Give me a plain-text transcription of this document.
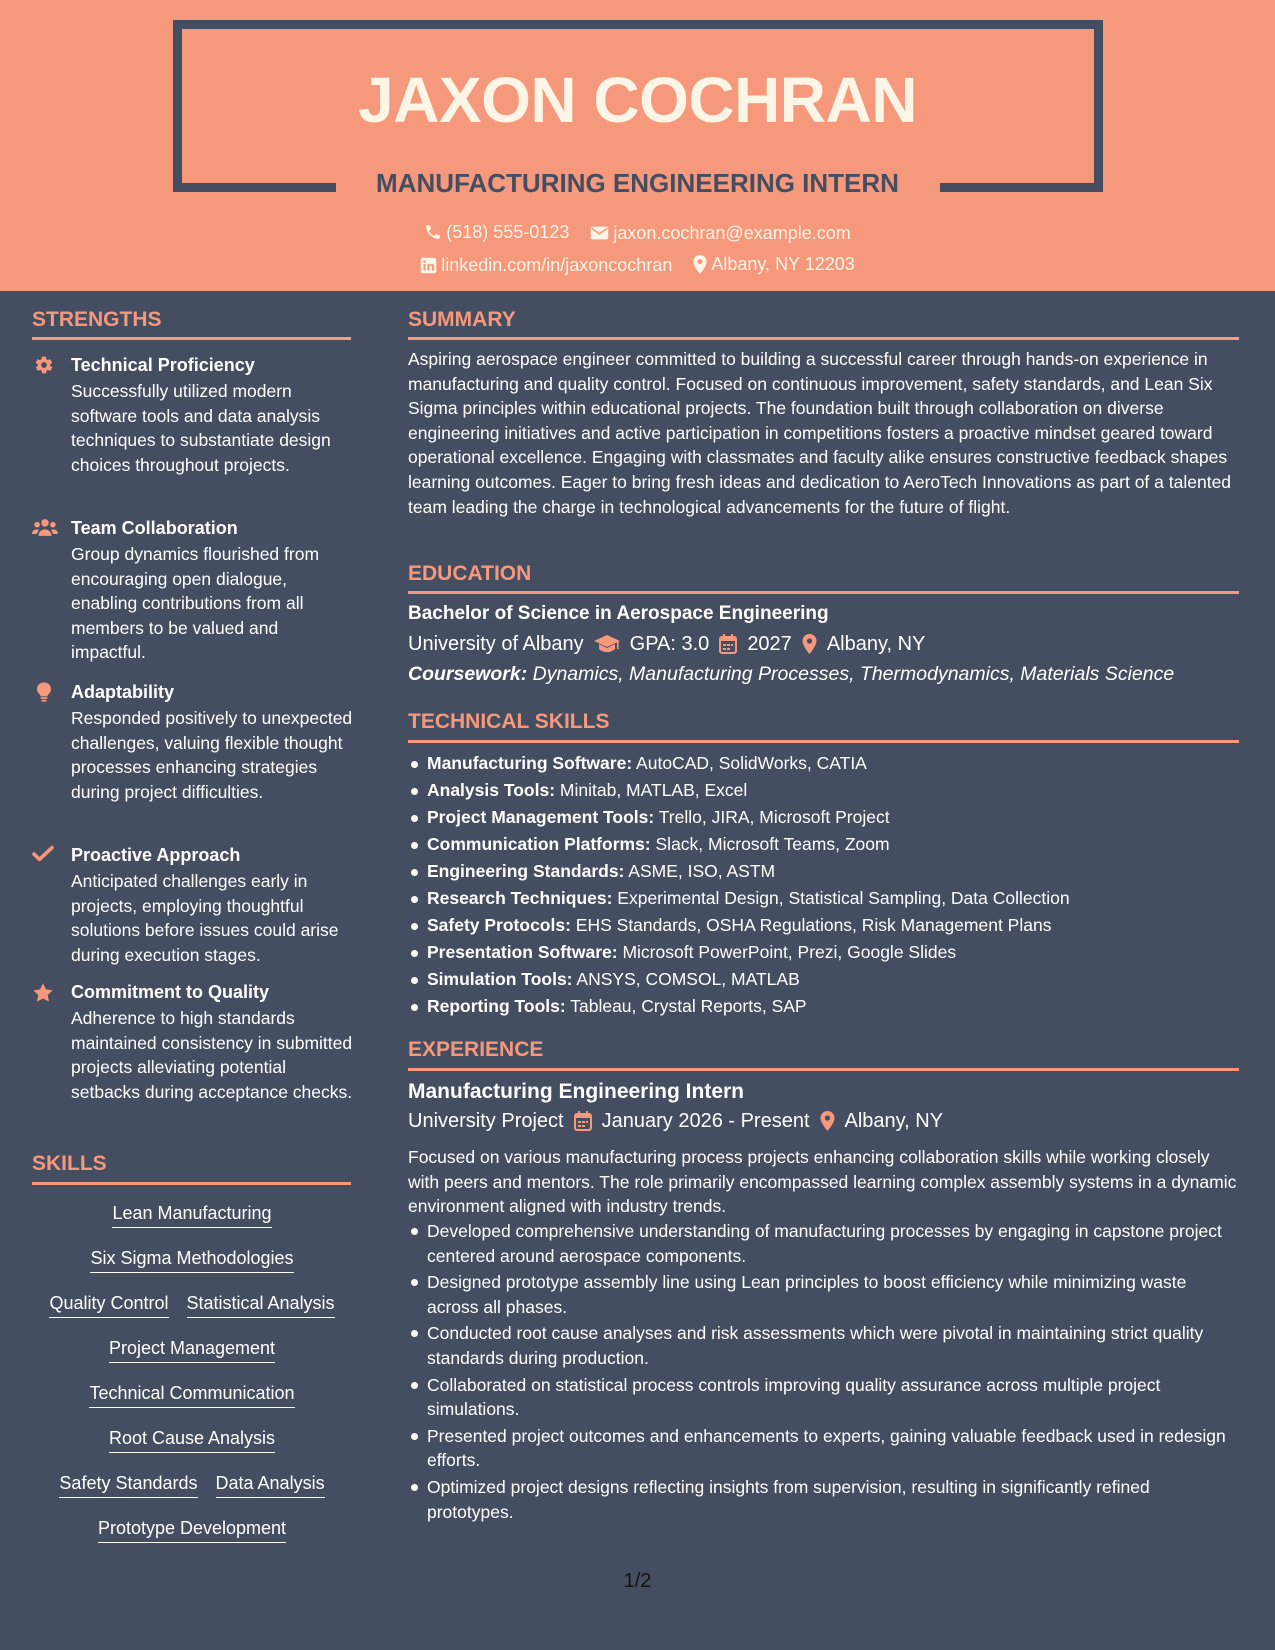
JAXON COCHRAN
MANUFACTURING ENGINEERING INTERN
(518) 555-0123
jaxon.cochran@example.com
linkedin.com/in/jaxoncochran
Albany, NY 12203
STRENGTHS
Technical Proficiency
Successfully utilized modern software tools and data analysis techniques to substantiate design choices throughout projects.
Team Collaboration
Group dynamics flourished from encouraging open dialogue, enabling contributions from all members to be valued and impactful.
Adaptability
Responded positively to unexpected challenges, valuing flexible thought processes enhancing strategies during project difficulties.
Proactive Approach
Anticipated challenges early in projects, employing thoughtful solutions before issues could arise during execution stages.
Commitment to Quality
Adherence to high standards maintained consistency in submitted projects alleviating potential setbacks during acceptance checks.
SKILLS
Lean Manufacturing
Six Sigma Methodologies
Quality Control Statistical Analysis
Project Management
Technical Communication
Root Cause Analysis
Safety Standards Data Analysis
Prototype Development
SUMMARY
Aspiring aerospace engineer committed to building a successful career through hands-on experience in manufacturing and quality control. Focused on continuous improvement, safety standards, and Lean Six Sigma principles within educational projects. The foundation built through collaboration on diverse engineering initiatives and active participation in competitions fosters a proactive mindset geared toward operational excellence. Engaging with classmates and faculty alike ensures constructive feedback shapes learning outcomes. Eager to bring fresh ideas and dedication to AeroTech Innovations as part of a talented team leading the charge in technological advancements for the future of flight.
EDUCATION
Bachelor of Science in Aerospace Engineering
University of Albany GPA: 3.0 2027 Albany, NY
Coursework: Dynamics, Manufacturing Processes, Thermodynamics, Materials Science
TECHNICAL SKILLS
Manufacturing Software: AutoCAD, SolidWorks, CATIA
Analysis Tools: Minitab, MATLAB, Excel
Project Management Tools: Trello, JIRA, Microsoft Project
Communication Platforms: Slack, Microsoft Teams, Zoom
Engineering Standards: ASME, ISO, ASTM
Research Techniques: Experimental Design, Statistical Sampling, Data Collection
Safety Protocols: EHS Standards, OSHA Regulations, Risk Management Plans
Presentation Software: Microsoft PowerPoint, Prezi, Google Slides
Simulation Tools: ANSYS, COMSOL, MATLAB
Reporting Tools: Tableau, Crystal Reports, SAP
EXPERIENCE
Manufacturing Engineering Intern
University Project January 2026 - Present Albany, NY
Focused on various manufacturing process projects enhancing collaboration skills while working closely with peers and mentors. The role primarily encompassed learning complex assembly systems in a dynamic environment aligned with industry trends.
Developed comprehensive understanding of manufacturing processes by engaging in capstone project centered around aerospace components.
Designed prototype assembly line using Lean principles to boost efficiency while minimizing waste across all phases.
Conducted root cause analyses and risk assessments which were pivotal in maintaining strict quality standards during production.
Collaborated on statistical process controls improving quality assurance across multiple project simulations.
Presented project outcomes and enhancements to experts, gaining valuable feedback used in redesign efforts.
Optimized project designs reflecting insights from supervision, resulting in significantly refined prototypes.
1/2
